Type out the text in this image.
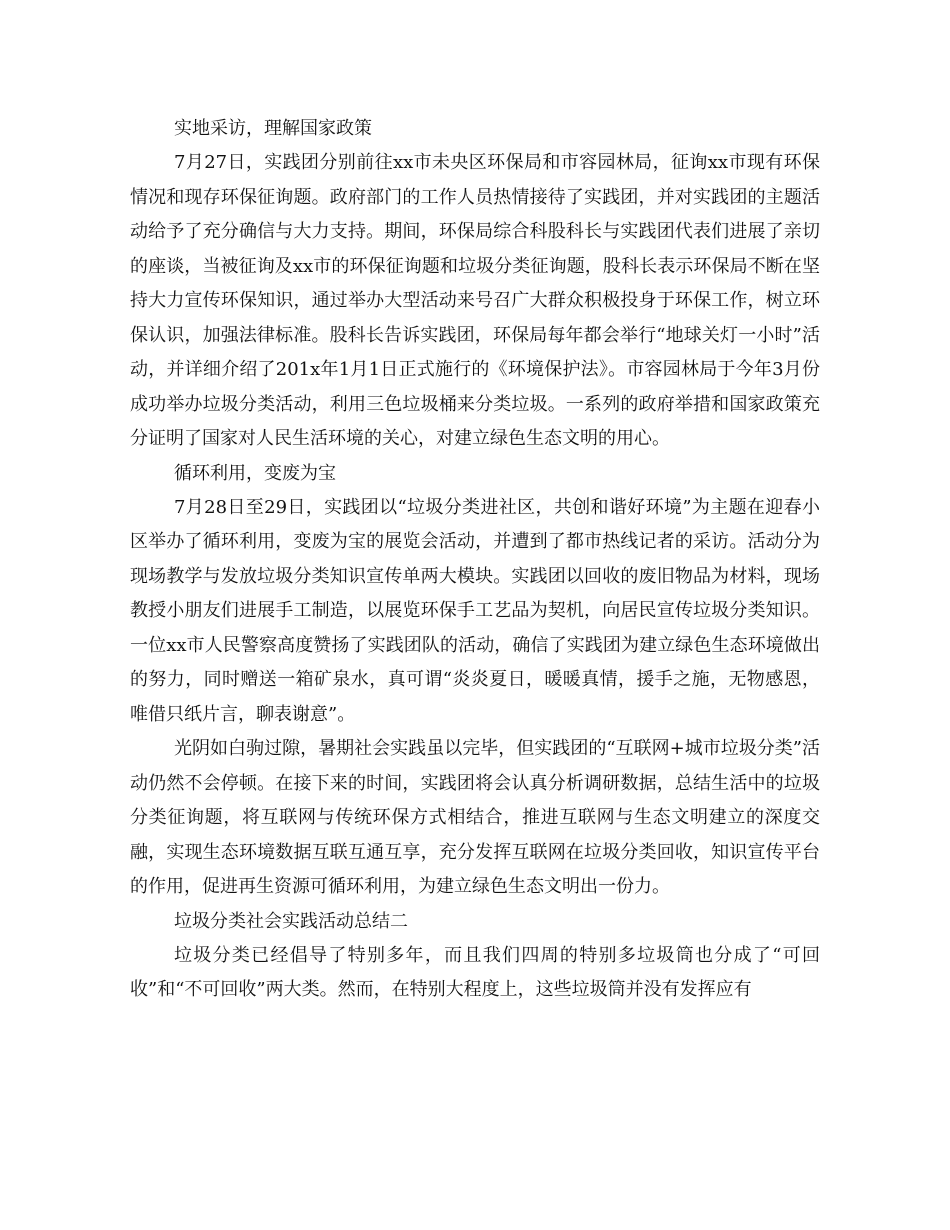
实地采访，理解国家政策

7月27日，实践团分别前往xx市未央区环保局和市容园林局，征询xx市现有环保情况和现存环保征询题。政府部门的工作人员热情接待了实践团，并对实践团的主题活动给予了充分确信与大力支持。期间，环保局综合科股科长与实践团代表们进展了亲切的座谈，当被征询及xx市的环保征询题和垃圾分类征询题，股科长表示环保局不断在坚持大力宣传环保知识，通过举办大型活动来号召广大群众积极投身于环保工作，树立环保认识，加强法律标准。股科长告诉实践团，环保局每年都会举行“地球关灯一小时”活动，并详细介绍了201x年1月1日正式施行的《环境保护法》。市容园林局于今年3月份成功举办垃圾分类活动，利用三色垃圾桶来分类垃圾。一系列的政府举措和国家政策充分证明了国家对人民生活环境的关心，对建立绿色生态文明的用心。

循环利用，变废为宝

7月28日至29日，实践团以“垃圾分类进社区，共创和谐好环境”为主题在迎春小区举办了循环利用，变废为宝的展览会活动，并遭到了都市热线记者的采访。活动分为现场教学与发放垃圾分类知识宣传单两大模块。实践团以回收的废旧物品为材料，现场教授小朋友们进展手工制造，以展览环保手工艺品为契机，向居民宣传垃圾分类知识。一位xx市人民警察高度赞扬了实践团队的活动，确信了实践团为建立绿色生态环境做出的努力，同时赠送一箱矿泉水，真可谓“炎炎夏日，暖暖真情，援手之施，无物感恩，唯借只纸片言，聊表谢意”。

光阴如白驹过隙，暑期社会实践虽以完毕，但实践团的“互联网+城市垃圾分类”活动仍然不会停顿。在接下来的时间，实践团将会认真分析调研数据，总结生活中的垃圾分类征询题，将互联网与传统环保方式相结合，推进互联网与生态文明建立的深度交融，实现生态环境数据互联互通互享，充分发挥互联网在垃圾分类回收，知识宣传平台的作用，促进再生资源可循环利用，为建立绿色生态文明出一份力。

垃圾分类社会实践活动总结二

垃圾分类已经倡导了特别多年，而且我们四周的特别多垃圾筒也分成了“可回收”和“不可回收”两大类。然而，在特别大程度上，这些垃圾筒并没有发挥应有
